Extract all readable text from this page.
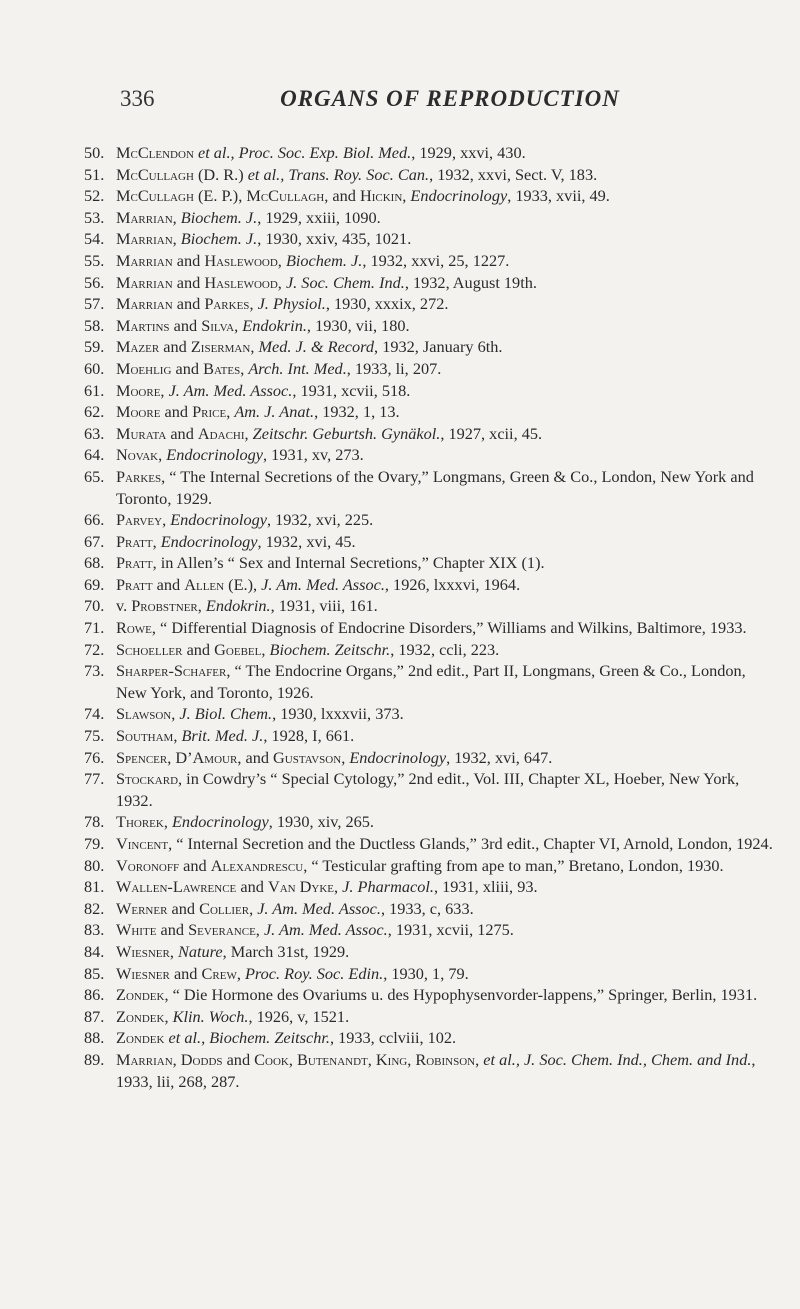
336	ORGANS OF REPRODUCTION
50. McClendon et al., Proc. Soc. Exp. Biol. Med., 1929, xxvi, 430.
51. McCullagh (D. R.) et al., Trans. Roy. Soc. Can., 1932, xxvi, Sect. V, 183.
52. McCullagh (E. P.), McCullagh, and Hickin, Endocrinology, 1933, xvii, 49.
53. Marrian, Biochem. J., 1929, xxiii, 1090.
54. Marrian, Biochem. J., 1930, xxiv, 435, 1021.
55. Marrian and Haslewood, Biochem. J., 1932, xxvi, 25, 1227.
56. Marrian and Haslewood, J. Soc. Chem. Ind., 1932, August 19th.
57. Marrian and Parkes, J. Physiol., 1930, xxxix, 272.
58. Martins and Silva, Endokrin., 1930, vii, 180.
59. Mazer and Ziserman, Med. J. & Record, 1932, January 6th.
60. Moehlig and Bates, Arch. Int. Med., 1933, li, 207.
61. Moore, J. Am. Med. Assoc., 1931, xcvii, 518.
62. Moore and Price, Am. J. Anat., 1932, 1, 13.
63. Murata and Adachi, Zeitschr. Geburtsh. Gynäkol., 1927, xcii, 45.
64. Novak, Endocrinology, 1931, xv, 273.
65. Parkes, “ The Internal Secretions of the Ovary,” Longmans, Green & Co., London, New York and Toronto, 1929.
66. Parvey, Endocrinology, 1932, xvi, 225.
67. Pratt, Endocrinology, 1932, xvi, 45.
68. Pratt, in Allen’s “ Sex and Internal Secretions,” Chapter XIX (1).
69. Pratt and Allen (E.), J. Am. Med. Assoc., 1926, lxxxvi, 1964.
70. v. Probstner, Endokrin., 1931, viii, 161.
71. Rowe, “ Differential Diagnosis of Endocrine Disorders,” Williams and Wilkins, Baltimore, 1933.
72. Schoeller and Goebel, Biochem. Zeitschr., 1932, ccli, 223.
73. Sharper-Schafer, “ The Endocrine Organs,” 2nd edit., Part II, Longmans, Green & Co., London, New York, and Toronto, 1926.
74. Slawson, J. Biol. Chem., 1930, lxxxvii, 373.
75. Southam, Brit. Med. J., 1928, I, 661.
76. Spencer, D’Amour, and Gustavson, Endocrinology, 1932, xvi, 647.
77. Stockard, in Cowdry’s “ Special Cytology,” 2nd edit., Vol. III, Chapter XL, Hoeber, New York, 1932.
78. Thorek, Endocrinology, 1930, xiv, 265.
79. Vincent, “ Internal Secretion and the Ductless Glands,” 3rd edit., Chapter VI, Arnold, London, 1924.
80. Voronoff and Alexandrescu, “ Testicular grafting from ape to man,” Bretano, London, 1930.
81. Wallen-Lawrence and Van Dyke, J. Pharmacol., 1931, xliii, 93.
82. Werner and Collier, J. Am. Med. Assoc., 1933, c, 633.
83. White and Severance, J. Am. Med. Assoc., 1931, xcvii, 1275.
84. Wiesner, Nature, March 31st, 1929.
85. Wiesner and Crew, Proc. Roy. Soc. Edin., 1930, 1, 79.
86. Zondek, “ Die Hormone des Ovariums u. des Hypophysenvorder-lappens,” Springer, Berlin, 1931.
87. Zondek, Klin. Woch., 1926, v, 1521.
88. Zondek et al., Biochem. Zeitschr., 1933, cclviii, 102.
89. Marrian, Dodds and Cook, Butenandt, King, Robinson, et al., J. Soc. Chem. Ind., Chem. and Ind., 1933, lii, 268, 287.
